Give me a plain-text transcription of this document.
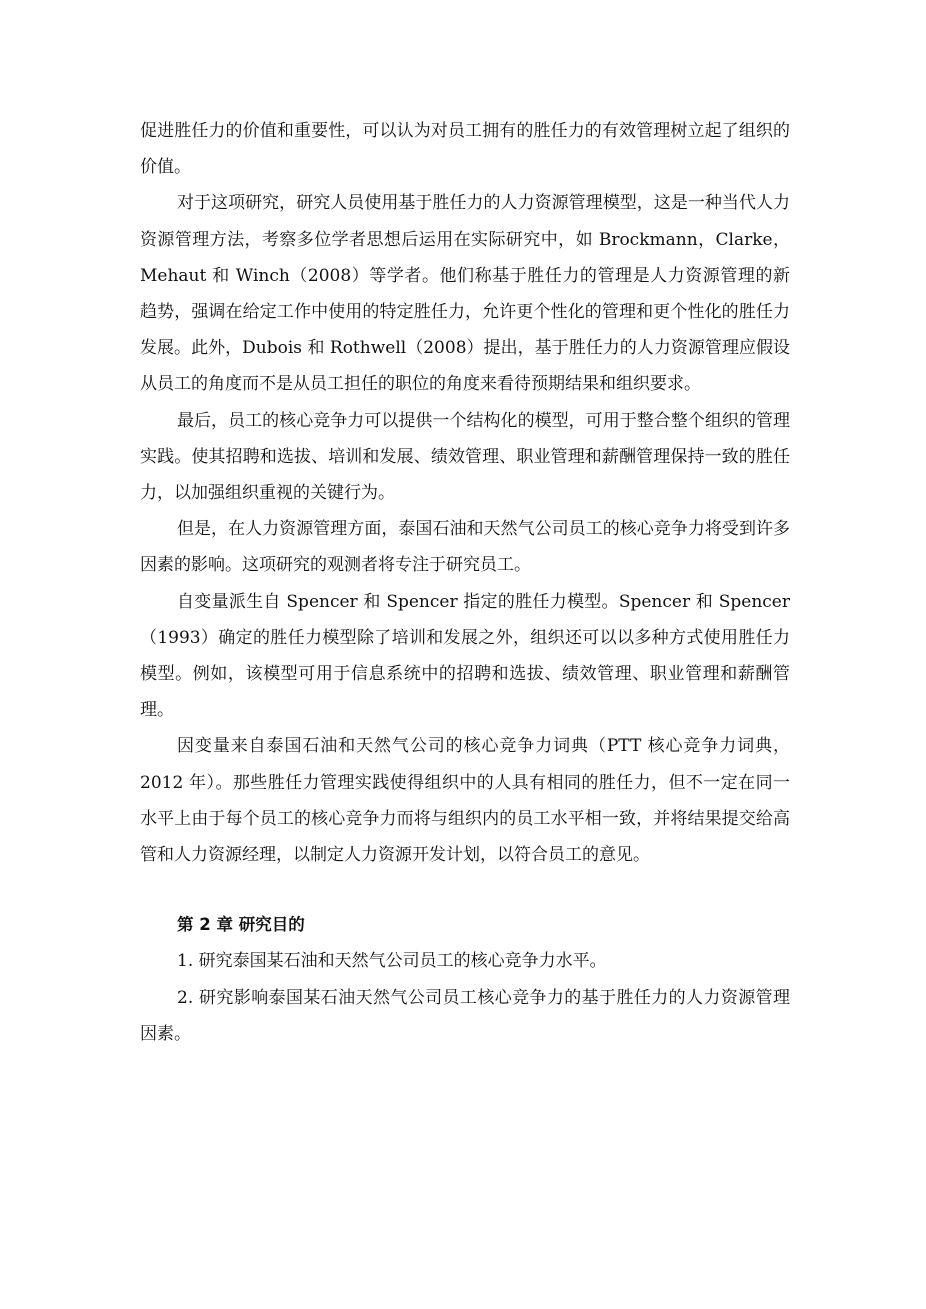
促进胜任力的价值和重要性，可以认为对员工拥有的胜任力的有效管理树立起了组织的价值。

对于这项研究，研究人员使用基于胜任力的人力资源管理模型，这是一种当代人力资源管理方法，考察多位学者思想后运用在实际研究中，如 Brockmann，Clarke，Mehaut 和 Winch（2008）等学者。他们称基于胜任力的管理是人力资源管理的新趋势，强调在给定工作中使用的特定胜任力，允许更个性化的管理和更个性化的胜任力发展。此外，Dubois 和 Rothwell（2008）提出，基于胜任力的人力资源管理应假设从员工的角度而不是从员工担任的职位的角度来看待预期结果和组织要求。

最后，员工的核心竞争力可以提供一个结构化的模型，可用于整合整个组织的管理实践。使其招聘和选拔、培训和发展、绩效管理、职业管理和薪酬管理保持一致的胜任力，以加强组织重视的关键行为。

但是，在人力资源管理方面，泰国石油和天然气公司员工的核心竞争力将受到许多因素的影响。这项研究的观测者将专注于研究员工。

自变量派生自 Spencer 和 Spencer 指定的胜任力模型。Spencer 和 Spencer（1993）确定的胜任力模型除了培训和发展之外，组织还可以以多种方式使用胜任力模型。例如，该模型可用于信息系统中的招聘和选拔、绩效管理、职业管理和薪酬管理。

因变量来自泰国石油和天然气公司的核心竞争力词典（PTT 核心竞争力词典，2012 年）。那些胜任力管理实践使得组织中的人具有相同的胜任力，但不一定在同一水平上由于每个员工的核心竞争力而将与组织内的员工水平相一致，并将结果提交给高管和人力资源经理，以制定人力资源开发计划，以符合员工的意见。

第 2 章 研究目的

1. 研究泰国某石油和天然气公司员工的核心竞争力水平。

2. 研究影响泰国某石油天然气公司员工核心竞争力的基于胜任力的人力资源管理因素。
